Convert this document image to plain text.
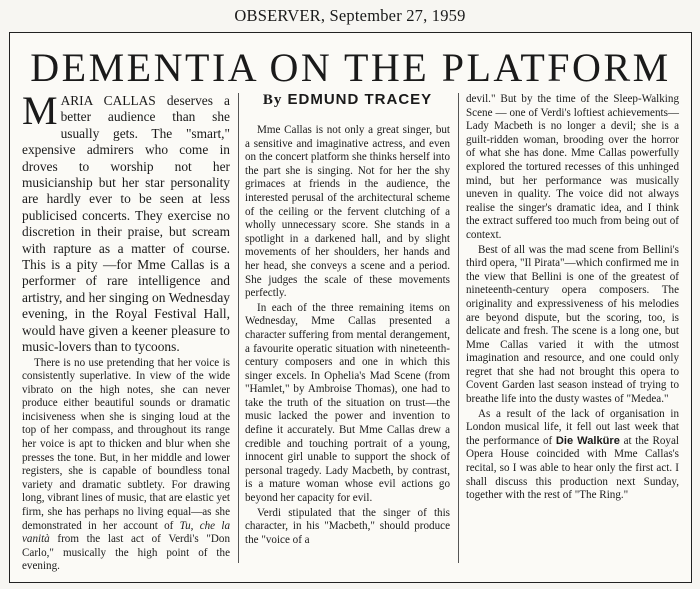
OBSERVER, September 27, 1959
DEMENTIA ON THE PLATFORM

MARIA CALLAS deserves a better audience than she usually gets. The "smart," expensive admirers who come in droves to worship not her musicianship but her star personality are hardly ever to be seen at less publicised concerts. They exercise no discretion in their praise, but scream with rapture as a matter of course. This is a pity —for Mme Callas is a performer of rare intelligence and artistry, and her singing on Wednesday evening, in the Royal Festival Hall, would have given a keener pleasure to music-lovers than to tycoons.

There is no use pretending that her voice is consistently superlative. In view of the wide vibrato on the high notes, she can never produce either beautiful sounds or dramatic incisiveness when she is singing loud at the top of her compass, and throughout its range her voice is apt to thicken and blur when she presses the tone. But, in her middle and lower registers, she is capable of boundless tonal variety and dramatic subtlety. For drawing long, vibrant lines of music, that are elastic yet firm, she has perhaps no living equal—as she demonstrated in her account of Tu, che la vanità from the last act of Verdi's "Don Carlo," musically the high point of the evening.

By EDMUND TRACEY

Mme Callas is not only a great singer, but a sensitive and imaginative actress, and even on the concert platform she thinks herself into the part she is singing. Not for her the shy grimaces at friends in the audience, the interested perusal of the architectural scheme of the ceiling or the fervent clutching of a wholly unnecessary score. She stands in a spotlight in a darkened hall, and by slight movements of her shoulders, her hands and her head, she conveys a scene and a period. She judges the scale of these movements perfectly.

In each of the three remaining items on Wednesday, Mme Callas presented a character suffering from mental derangement, a favourite operatic situation with nineteenth-century composers and one in which this singer excels. In Ophelia's Mad Scene (from "Hamlet," by Ambroise Thomas), one had to take the truth of the situation on trust—the music lacked the power and invention to define it accurately. But Mme Callas drew a credible and touching portrait of a young, innocent girl unable to support the shock of personal tragedy. Lady Macbeth, by contrast, is a mature woman whose evil actions go beyond her capacity for evil.

Verdi stipulated that the singer of this character, in his "Macbeth," should produce the "voice of a

devil." But by the time of the Sleep-Walking Scene — one of Verdi's loftiest achievements—Lady Macbeth is no longer a devil; she is a guilt-ridden woman, brooding over the horror of what she has done. Mme Callas powerfully explored the tortured recesses of this unhinged mind, but her performance was musically uneven in quality. The voice did not always realise the singer's dramatic idea, and I think the extract suffered too much from being out of context.

Best of all was the mad scene from Bellini's third opera, "Il Pirata"—which confirmed me in the view that Bellini is one of the greatest of nineteenth-century opera composers. The originality and expressiveness of his melodies are beyond dispute, but the scoring, too, is delicate and fresh. The scene is a long one, but Mme Callas varied it with the utmost imagination and resource, and one could only regret that she had not brought this opera to Covent Garden last season instead of trying to breathe life into the dusty wastes of "Medea."

As a result of the lack of organisation in London musical life, it fell out last week that the performance of Die Walküre at the Royal Opera House coincided with Mme Callas's recital, so I was able to hear only the first act. I shall discuss this production next Sunday, together with the rest of "The Ring."
